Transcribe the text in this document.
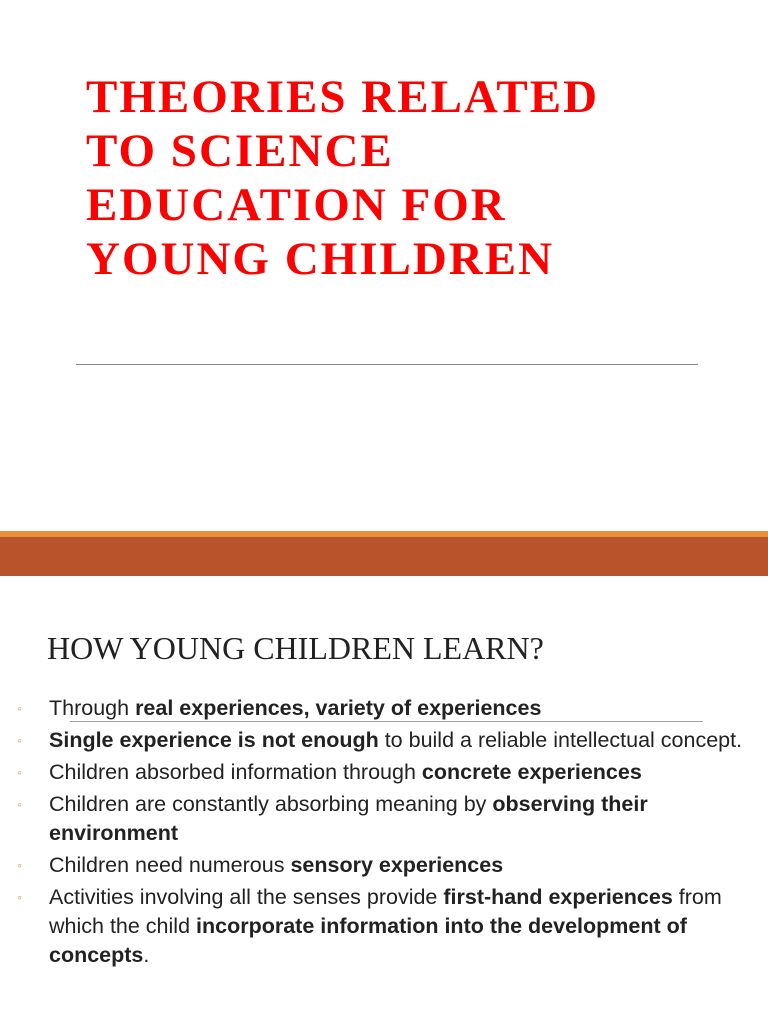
THEORIES RELATED
TO SCIENCE
EDUCATION FOR
YOUNG CHILDREN
HOW YOUNG CHILDREN LEARN?
◦ Through real experiences, variety of experiences
◦ Single experience is not enough to build a reliable intellectual concept.
◦ Children absorbed information through concrete experiences
◦ Children are constantly absorbing meaning by observing their environment
◦ Children need numerous sensory experiences
◦ Activities involving all the senses provide first-hand experiences from which the child incorporate information into the development of concepts.
